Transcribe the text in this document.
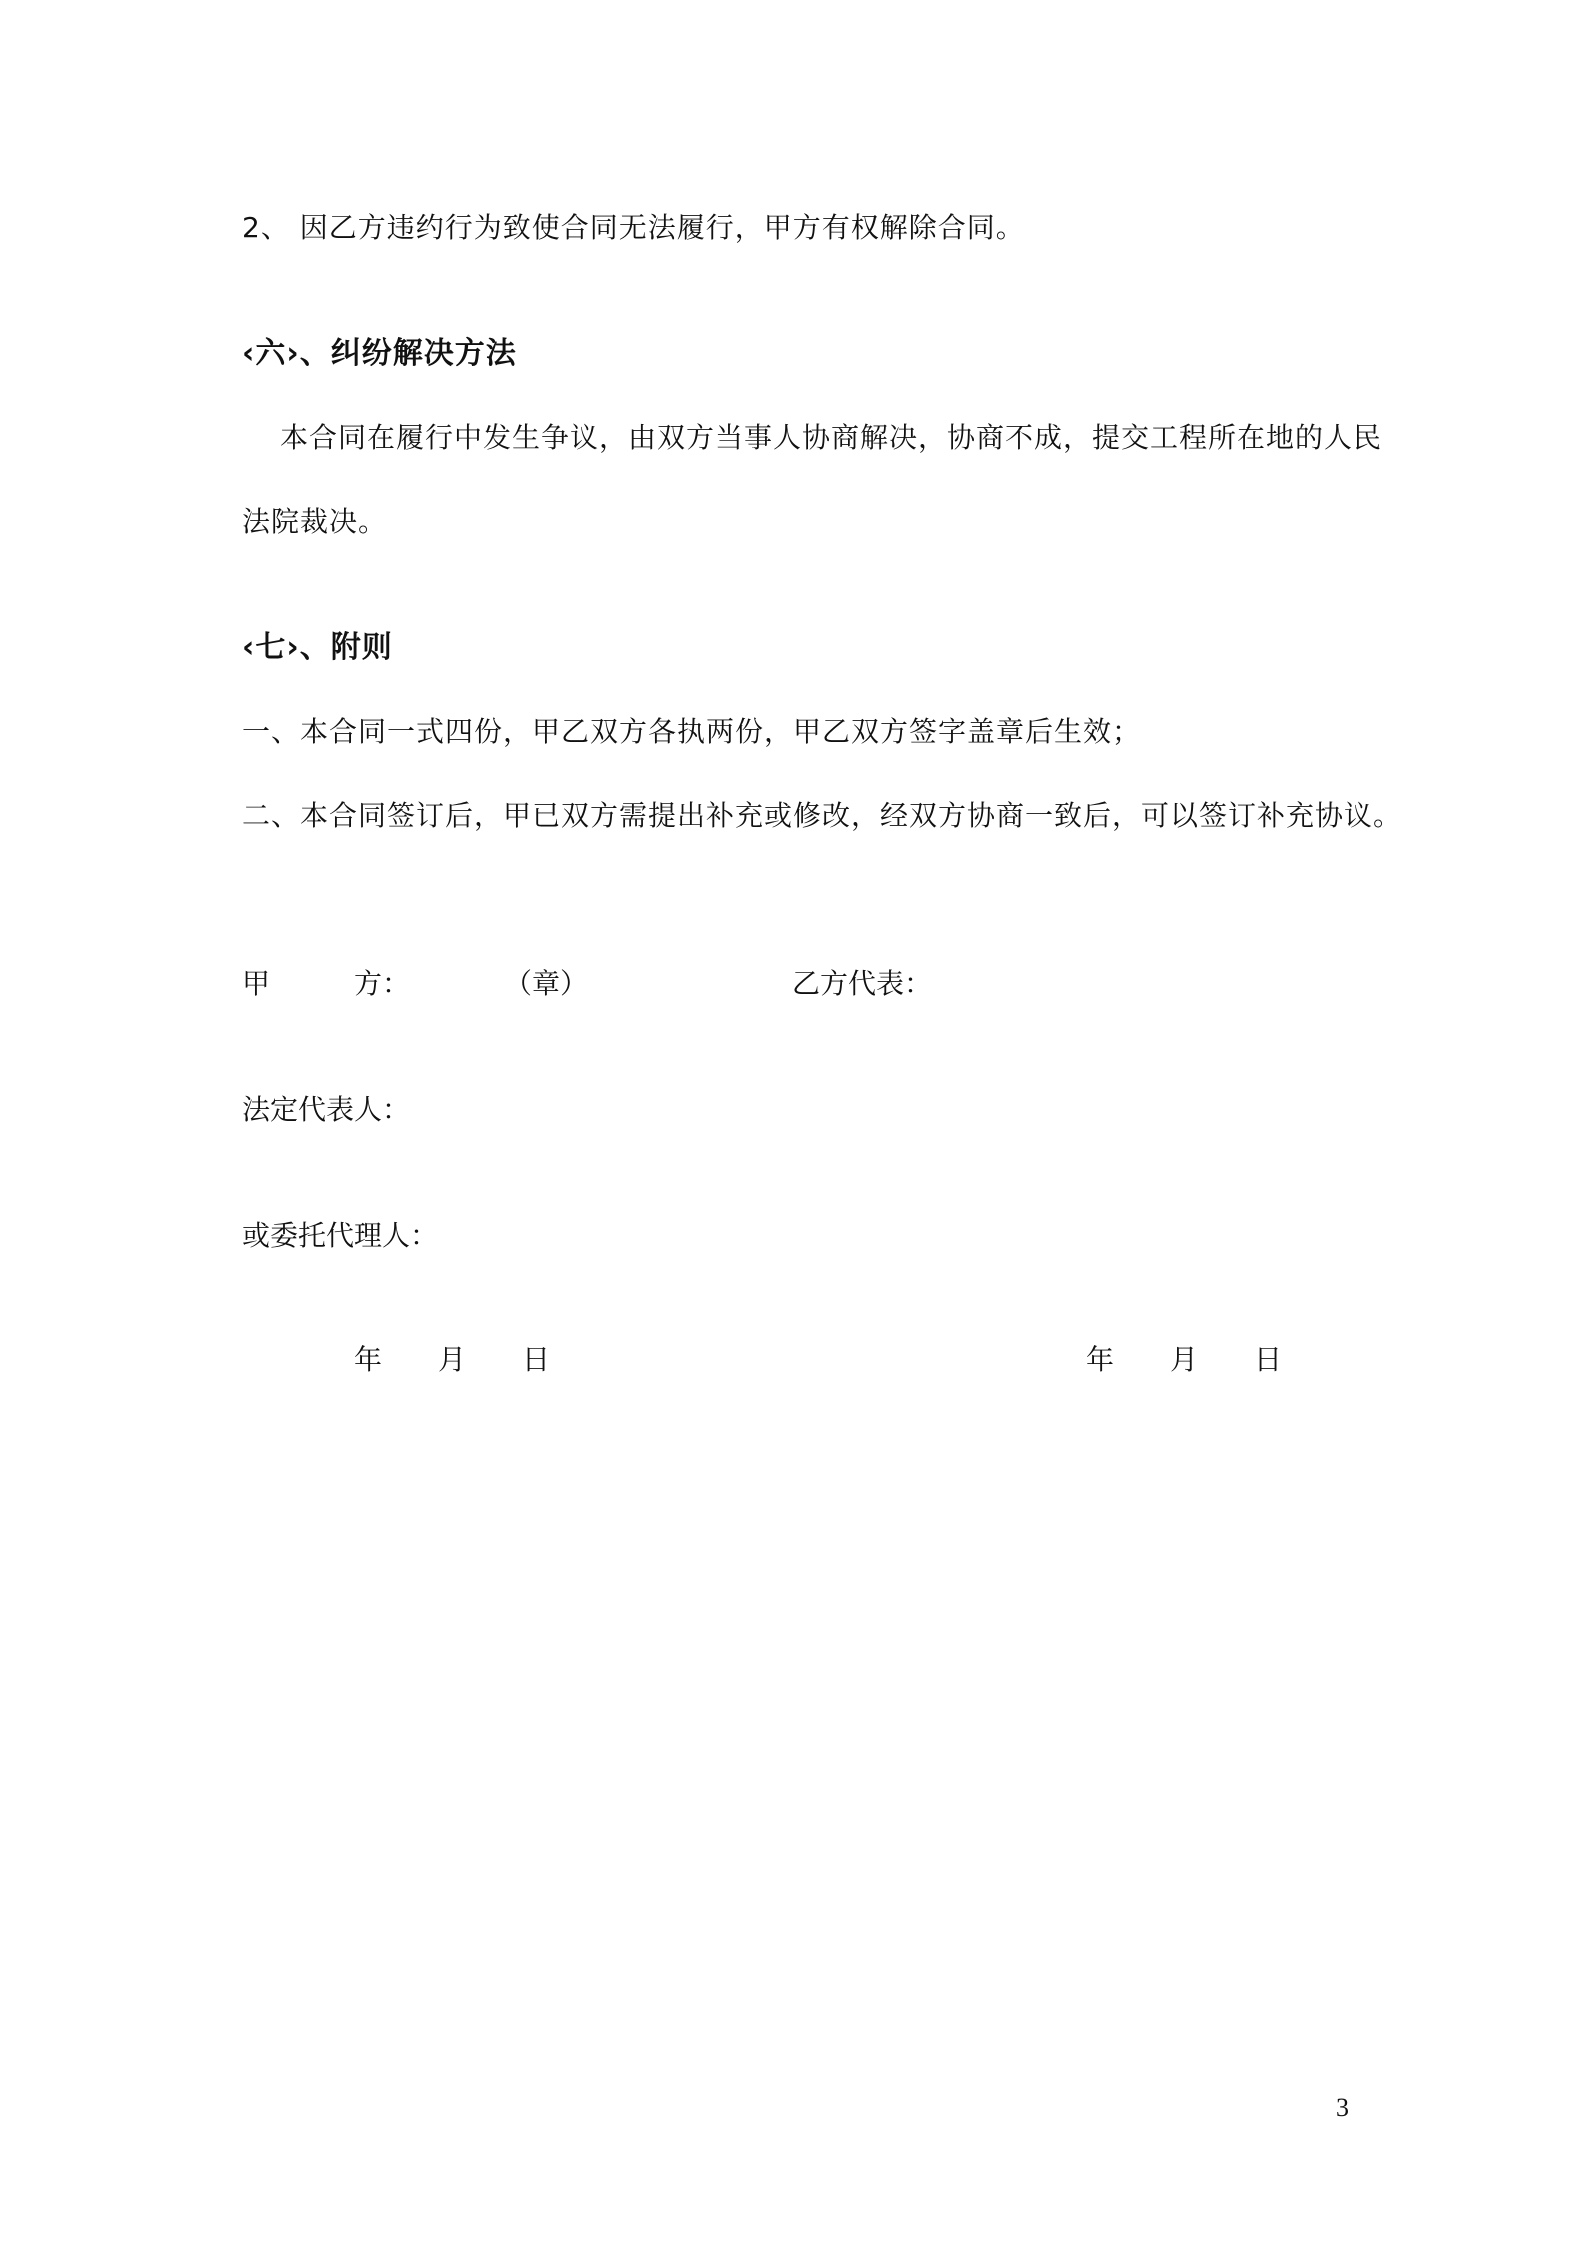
2、 因乙方违约行为致使合同无法履行，甲方有权解除合同。
‹六›、纠纷解决方法
本合同在履行中发生争议，由双方当事人协商解决，协商不成，提交工程所在地的人民
法院裁决。
‹七›、附则
一、本合同一式四份，甲乙双方各执两份，甲乙双方签字盖章后生效；
二、本合同签订后，甲已双方需提出补充或修改，经双方协商一致后，可以签订补充协议。
甲	方：	（章）	乙方代表：
法定代表人：
或委托代理人：
年 月 日	年 月 日
3
